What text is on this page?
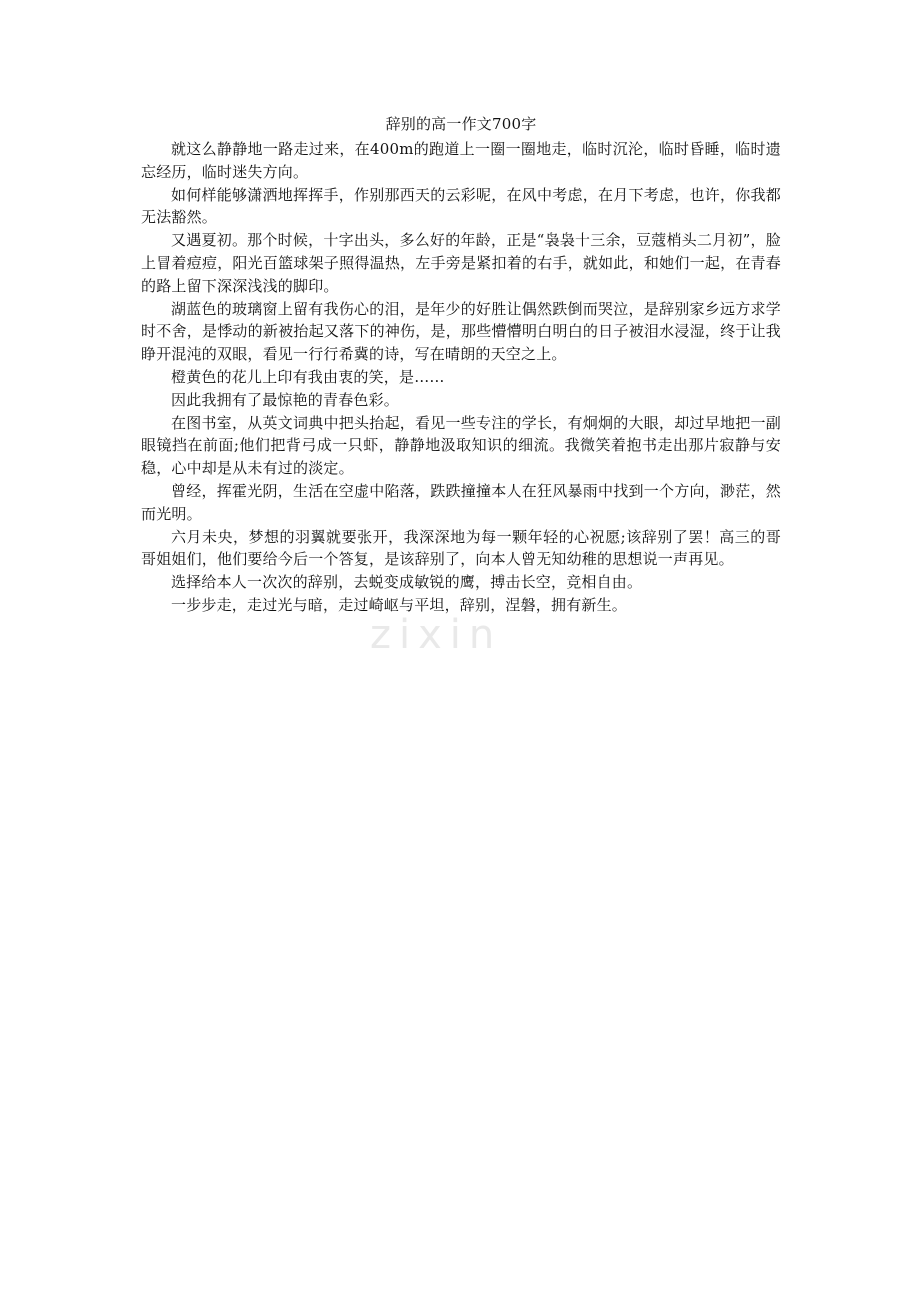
zixin
辞别的高一作文700字

就这么静静地一路走过来，在400m的跑道上一圈一圈地走，临时沉沦，临时昏睡，临时遗忘经历，临时迷失方向。

如何样能够潇洒地挥挥手，作别那西天的云彩呢，在风中考虑，在月下考虑，也许，你我都无法豁然。

又遇夏初。那个时候，十字出头，多么好的年龄，正是“袅袅十三余，豆蔻梢头二月初”，脸上冒着痘痘，阳光百篮球架子照得温热，左手旁是紧扣着的右手，就如此，和她们一起，在青春的路上留下深深浅浅的脚印。

湖蓝色的玻璃窗上留有我伤心的泪，是年少的好胜让偶然跌倒而哭泣，是辞别家乡远方求学时不舍，是悸动的新被抬起又落下的神伤，是，那些懵懵明白明白的日子被泪水浸湿，终于让我睁开混沌的双眼，看见一行行希冀的诗，写在晴朗的天空之上。

橙黄色的花儿上印有我由衷的笑，是……

因此我拥有了最惊艳的青春色彩。

在图书室，从英文词典中把头抬起，看见一些专注的学长，有炯炯的大眼，却过早地把一副眼镜挡在前面;他们把背弓成一只虾，静静地汲取知识的细流。我微笑着抱书走出那片寂静与安稳，心中却是从未有过的淡定。

曾经，挥霍光阴，生活在空虚中陷落，跌跌撞撞本人在狂风暴雨中找到一个方向，渺茫，然而光明。

六月未央，梦想的羽翼就要张开，我深深地为每一颗年轻的心祝愿;该辞别了罢！高三的哥哥姐姐们，他们要给今后一个答复，是该辞别了，向本人曾无知幼稚的思想说一声再见。

选择给本人一次次的辞别，去蜕变成敏锐的鹰，搏击长空，竞相自由。

一步步走，走过光与暗，走过崎岖与平坦，辞别，涅磐，拥有新生。
